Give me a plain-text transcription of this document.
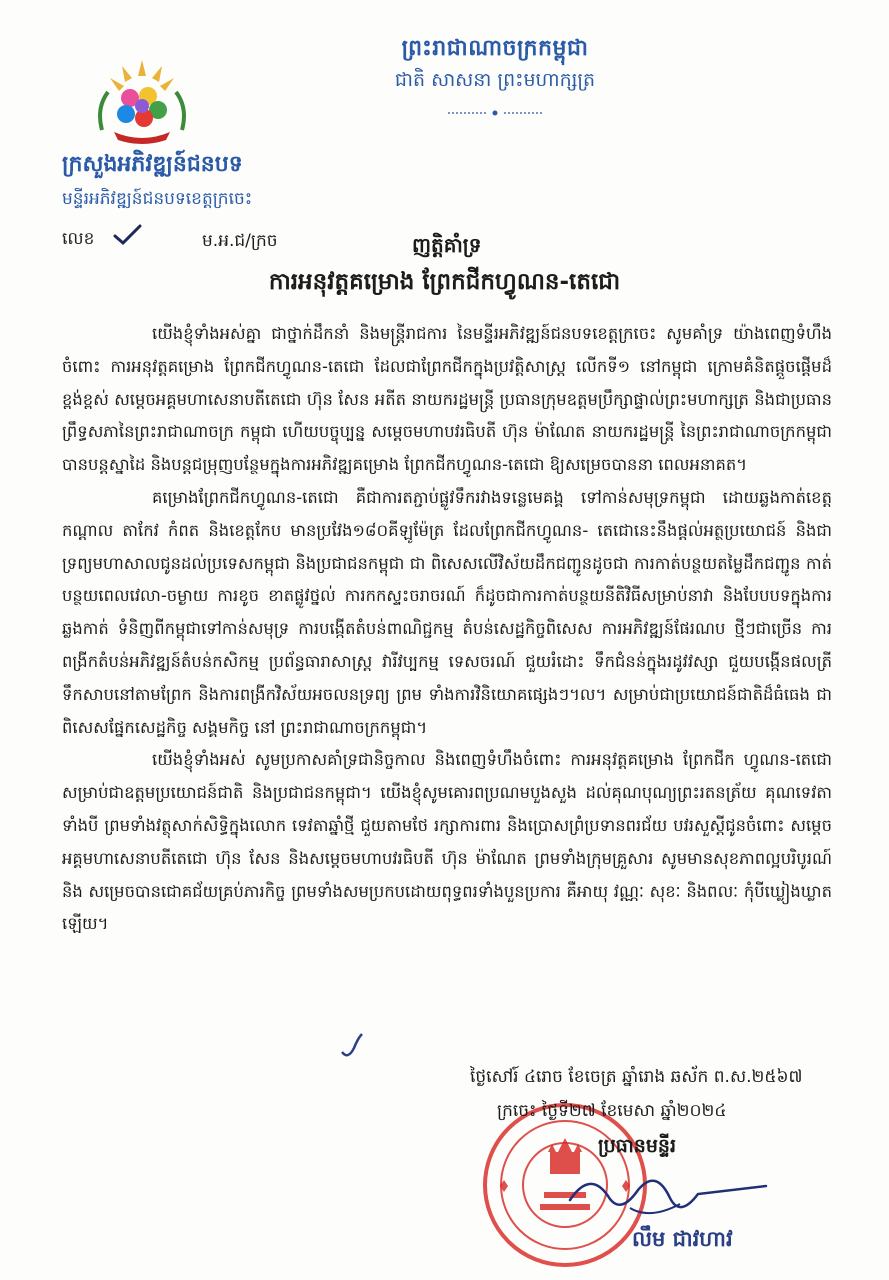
ព្រះរាជាណាចក្រកម្ពុជា
ជាតិ សាសនា ព្រះមហាក្សត្រ
ក្រសួងអភិវឌ្ឍន៍ជនបទ
មន្ទីរអភិវឌ្ឍន៍ជនបទខេត្តក្រចេះ
លេខ	ម.អ.ជ/ក្រច	ញត្តិគាំទ្រ
ការអនុវត្តគម្រោង ព្រែកជីកហ្វូណន-តេជោ

យើងខ្ញុំទាំងអស់គ្នា ជាថ្នាក់ដឹកនាំ និងមន្ត្រីរាជការ នៃមន្ទីរអភិវឌ្ឍន៍ជនបទខេត្តក្រចេះ សូមគាំទ្រ យ៉ាងពេញទំហឹងចំពោះ ការអនុវត្តគម្រោង ព្រែកជីកហ្វូណន-តេជោ ដែលជាព្រែកជីកក្នុងប្រវត្តិសាស្ត្រ លើកទី១ នៅកម្ពុជា ក្រោមគំនិតផ្តួចផ្តើមដ៏ខ្ពង់ខ្ពស់ សម្តេចអគ្គមហាសេនាបតីតេជោ ហ៊ុន សែន អតីត នាយករដ្ឋមន្ត្រី ប្រធានក្រុមឧត្តមប្រឹក្សាផ្ទាល់ព្រះមហាក្សត្រ និងជាប្រធានព្រឹទ្ធសភានៃព្រះរាជាណាចក្រ កម្ពុជា ហើយបច្ចុប្បន្ន សម្តេចមហាបវរធិបតី ហ៊ុន ម៉ាណែត នាយករដ្ឋមន្ត្រី នៃព្រះរាជាណាចក្រកម្ពុជា បានបន្តស្នាដៃ និងបន្តជម្រុញបន្ថែមក្នុងការអភិវឌ្ឍគម្រោង ព្រែកជីកហ្វូណន-តេជោ ឱ្យសម្រេចបាននា ពេលអនាគត។

គម្រោងព្រែកជីកហ្វូណន-តេជោ គឺជាការតភ្ជាប់ផ្លូវទឹករវាងទន្លេមេគង្គ ទៅកាន់សមុទ្រកម្ពុជា ដោយឆ្លងកាត់ខេត្តកណ្តាល តាកែវ កំពត និងខេត្តកែប មានប្រវែង១៨០គីឡូម៉ែត្រ ដែលព្រែកជីកហ្វូណន- តេជោនេះនឹងផ្តល់អត្ថប្រយោជន៍ និងជាទ្រព្យមហាសាលជូនដល់ប្រទេសកម្ពុជា និងប្រជាជនកម្ពុជា ជា ពិសេសលើវិស័យដឹកជញ្ជូនដូចជា ការកាត់បន្ថយតម្លៃដឹកជញ្ជូន កាត់បន្ថយពេលវេលា-ចម្ងាយ ការខូច ខាតផ្លូវថ្នល់ ការកកស្ទះចរាចរណ៍ ក៏ដូចជាការកាត់បន្ថយនីតិវិធីសម្រាប់នាវា និងបែបបទក្នុងការឆ្លងកាត់ ទំនិញពីកម្ពុជាទៅកាន់សមុទ្រ ការបង្កើតតំបន់ពាណិជ្ជកម្ម តំបន់សេដ្ឋកិច្ចពិសេស ការអភិវឌ្ឍន៍ផែរណប ថ្មីៗជាច្រើន ការពង្រីកតំបន់អភិវឌ្ឍន៍តំបន់កសិកម្ម ប្រព័ន្ធធារាសាស្ត្រ វារីវប្បកម្ម ទេសចរណ៍ ជួយរំដោះ ទឹកជំនន់ក្នុងរដូវវស្សា ជួយបង្កើនផលត្រីទឹកសាបនៅតាមព្រែក និងការពង្រីកវិស័យអចលនទ្រព្យ ព្រម ទាំងការវិនិយោគផ្សេងៗ។ល។ សម្រាប់ជាប្រយោជន៍ជាតិដ៏ធំធេង ជាពិសេសផ្នែកសេដ្ឋកិច្ច សង្គមកិច្ច នៅ ព្រះរាជាណាចក្រកម្ពុជា។

យើងខ្ញុំទាំងអស់ សូមប្រកាសគាំទ្រជានិច្ចកាល និងពេញទំហឹងចំពោះ ការអនុវត្តគម្រោង ព្រែកជីក ហ្វូណន-តេជោ សម្រាប់ជាឧត្តមប្រយោជន៍ជាតិ និងប្រជាជនកម្ពុជា។ យើងខ្ញុំសូមគោរពប្រណមបួងសួង ដល់គុណបុណ្យព្រះរតនត្រ័យ គុណទេវតាទាំងបី ព្រមទាំងវត្ថុសាក់សិទ្ធិក្នុងលោក ទេវតាឆ្នាំថ្មី ជួយតាមថែ រក្សាការពារ និងប្រោសព្រំប្រទានពរជ័យ បវរសួស្តីជូនចំពោះ សម្តេចអគ្គមហាសេនាបតីតេជោ ហ៊ុន សែន និងសម្តេចមហាបវរធិបតី ហ៊ុន ម៉ាណែត ព្រមទាំងក្រុមគ្រួសារ សូមមានសុខភាពល្អបរិបូរណ៍ និង សម្រេចបានជោគជ័យគ្រប់ភារកិច្ច ព្រមទាំងសមប្រកបដោយពុទ្ធពរទាំងបួនប្រការ គឺអាយុ វណ្ណៈ សុខៈ និងពលៈ កុំបីឃ្លៀងឃ្លាតឡើយ។

ថ្ងៃសៅរ៍ ៤រោច ខែចេត្រ ឆ្នាំរោង ឆស័ក ព.ស.២៥៦៧
ក្រចេះ ថ្ងៃទី២៧ ខែមេសា ឆ្នាំ២០២៤
ប្រធានមន្ទីរ
លឹម ជាវហាវ
